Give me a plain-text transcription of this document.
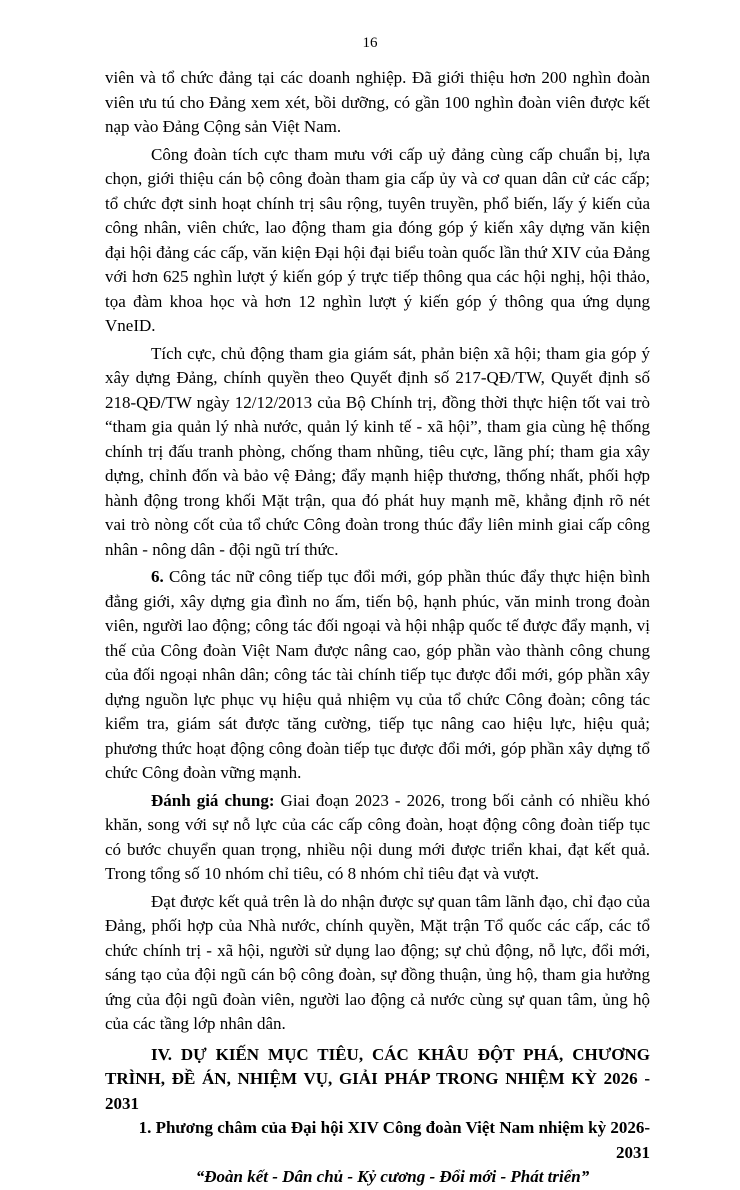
16

viên và tổ chức đảng tại các doanh nghiệp. Đã giới thiệu hơn 200 nghìn đoàn viên ưu tú cho Đảng xem xét, bồi dưỡng, có gần 100 nghìn đoàn viên được kết nạp vào Đảng Cộng sản Việt Nam.

Công đoàn tích cực tham mưu với cấp uỷ đảng cùng cấp chuẩn bị, lựa chọn, giới thiệu cán bộ công đoàn tham gia cấp ủy và cơ quan dân cử các cấp; tổ chức đợt sinh hoạt chính trị sâu rộng, tuyên truyền, phổ biến, lấy ý kiến của công nhân, viên chức, lao động tham gia đóng góp ý kiến xây dựng văn kiện đại hội đảng các cấp, văn kiện Đại hội đại biểu toàn quốc lần thứ XIV của Đảng với hơn 625 nghìn lượt ý kiến góp ý trực tiếp thông qua các hội nghị, hội thảo, tọa đàm khoa học và hơn 12 nghìn lượt ý kiến góp ý thông qua ứng dụng VneID.

Tích cực, chủ động tham gia giám sát, phản biện xã hội; tham gia góp ý xây dựng Đảng, chính quyền theo Quyết định số 217-QĐ/TW, Quyết định số 218-QĐ/TW ngày 12/12/2013 của Bộ Chính trị, đồng thời thực hiện tốt vai trò “tham gia quản lý nhà nước, quản lý kinh tế - xã hội”, tham gia cùng hệ thống chính trị đấu tranh phòng, chống tham nhũng, tiêu cực, lãng phí; tham gia xây dựng, chỉnh đốn và bảo vệ Đảng; đẩy mạnh hiệp thương, thống nhất, phối hợp hành động trong khối Mặt trận, qua đó phát huy mạnh mẽ, khẳng định rõ nét vai trò nòng cốt của tổ chức Công đoàn trong thúc đẩy liên minh giai cấp công nhân - nông dân - đội ngũ trí thức.

6. Công tác nữ công tiếp tục đổi mới, góp phần thúc đẩy thực hiện bình đẳng giới, xây dựng gia đình no ấm, tiến bộ, hạnh phúc, văn minh trong đoàn viên, người lao động; công tác đối ngoại và hội nhập quốc tế được đẩy mạnh, vị thế của Công đoàn Việt Nam được nâng cao, góp phần vào thành công chung của đối ngoại nhân dân; công tác tài chính tiếp tục được đổi mới, góp phần xây dựng nguồn lực phục vụ hiệu quả nhiệm vụ của tổ chức Công đoàn; công tác kiểm tra, giám sát được tăng cường, tiếp tục nâng cao hiệu lực, hiệu quả; phương thức hoạt động công đoàn tiếp tục được đổi mới, góp phần xây dựng tổ chức Công đoàn vững mạnh.

Đánh giá chung: Giai đoạn 2023 - 2026, trong bối cảnh có nhiều khó khăn, song với sự nỗ lực của các cấp công đoàn, hoạt động công đoàn tiếp tục có bước chuyển quan trọng, nhiều nội dung mới được triển khai, đạt kết quả. Trong tổng số 10 nhóm chỉ tiêu, có 8 nhóm chỉ tiêu đạt và vượt.

Đạt được kết quả trên là do nhận được sự quan tâm lãnh đạo, chỉ đạo của Đảng, phối hợp của Nhà nước, chính quyền, Mặt trận Tổ quốc các cấp, các tổ chức chính trị - xã hội, người sử dụng lao động; sự chủ động, nỗ lực, đổi mới, sáng tạo của đội ngũ cán bộ công đoàn, sự đồng thuận, ủng hộ, tham gia hưởng ứng của đội ngũ đoàn viên, người lao động cả nước cùng sự quan tâm, ủng hộ của các tầng lớp nhân dân.

IV. DỰ KIẾN MỤC TIÊU, CÁC KHÂU ĐỘT PHÁ, CHƯƠNG TRÌNH, ĐỀ ÁN, NHIỆM VỤ, GIẢI PHÁP TRONG NHIỆM KỲ 2026 - 2031

1. Phương châm của Đại hội XIV Công đoàn Việt Nam nhiệm kỳ 2026-2031

“Đoàn kết - Dân chủ - Kỷ cương - Đổi mới - Phát triển”
